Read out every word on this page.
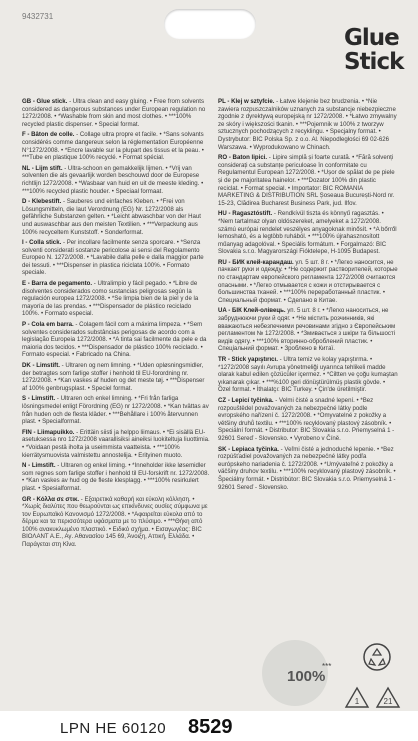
9432731
Glue
Stick
GB - Glue stick. - Ultra clean and easy gluing. • Free from solvents considered as dangerous substances under European regulation no 1272/2008. • *Washable from skin and most clothes. • ***100% recycled plastic dispenser. • Special format.
F - Bâton de colle. - Collage ultra propre et facile. • *Sans solvants considérés comme dangereux selon la réglementation Européenne N°1272/2008. • *Encre lavable sur la plupart des tissus et la peau. • ***Tube en plastique 100% recyclé. • Format spécial.
NL - Lijm stift. - Ultra-schoon en gemakkelijk lijmen. • *Vrij van solventen die als gevaarlijk worden beschouwd door de Europese richtlijn 1272/2008. • *Wasbaar van huid en uit de meeste kleding. • ***100% recycled plastic houder. • Speciaal formaat.
D - Klebestift. - Sauberes und einfaches Kleben. • *Frei von Lösungsmitteln, die laut Verordnung (EG) Nr. 1272/2008 als gefährliche Substanzen gelten. • *Leicht abwaschbar von der Haut und auswaschbar aus den meisten Textilien. • ***Verpackung aus 100% recyceltem Kunststoff. • Sonderformat.
I - Colla stick. - Per incollare facilmente senza sporcare. • *Senza solventi considerati sostanze pericolose ai sensi del Regolamento Europeo N. 1272/2008. • *Lavabile dalla pelle e dalla maggior parte dei tessuti. • ***Dispenser in plastica riciclata 100%. • Formato speciale.
E - Barra de pegamento. - Ultralimpio y fácil pegado. • *Libre de disolventes considerados como sustancias peligrosas según la regulación europea 1272/2008. • *Se limpia bien de la piel y de la mayoría de las prendas. • ***Dispensador de plástico reciclado 100%. • Formato especial.
P - Cola em barra. - Colagem fácil com a máxima limpeza. • *Sem solventes considerados substâncias perigosas de acordo com a legislação Europeia 1272/2008. • *A tinta sai facilmente da pele e da maioria dos tecidos. • ***Dispensador de plástico 100% reciclado. • Formato especial. • Fabricado na China.
DK - Limstift. - Ultraren og nem limning. • *Uden opløsningsmidler, der betragtes som farlige stoffer i henhold til EU-forordning nr. 1272/2008. • *Kan vaskes af huden og det meste tøj. • ***Dispenser af 100% genbrugsplast. • Speciel format.
S - Limstift. - Ultraren och enkel limning. • *Fri från farliga lösningsmedel enligt Förordning (EG) nr 1272/2008. • *Kan tvättas av från huden och de flesta kläder. • ***Behållare i 100% återvunnen plast. • Specialformat.
FIN - Liimapuikko. - Erittäin siisti ja helppo liimaus. • *Ei sisällä EU-asetuksessa nro 1272/2008 vaarallisiksi aineiksi luokiteltuja liuottimia. • *Voidaan pestä iholta ja useimmista vaatteista. • ***100% kierrätysmuovista valmistettu annostelija. • Erityinen muoto.
N - Limstift. - Ultraren og enkel liming. • *Inneholder ikke løsemidler som regnes som farlige stoffer i henhold til EU-forskrift nr. 1272/2008. • *Kan vaskes av hud og de fleste klesplagg. • ***100% resirkulert plast. • Spesialformat.
GR - Κόλλα σε στικ. - Εξαιρετικά καθαρή και εύκολη κόλληση. • *Χωρίς διαλύτες που θεωρούνται ως επικίνδυνες ουσίες σύμφωνα με τον Ευρωπαϊκό Κανονισμό 1272/2008. • *Αφαιρείται εύκολα από το δέρμα και τα περισσότερα υφάσματα με το πλύσιμο. • ***Θήκη από 100% ανακυκλωμένο πλαστικό. • Ειδικό σχήμα. • Εισαγωγέας: ΒΙC ΒΙΟΛΑΝΤ Α.Ε., Αγ. Αθανασίου 145 69, Άνοιξη, Αττική, Ελλάδα. • Παράγεται στη Κίνα.
PL - Klej w sztyfcie. - Łatwe klejenie bez brudzenia. • *Nie zawiera rozpuszczalników uznanych za substancje niebezpieczne zgodnie z dyrektywą europejską nr 1272/2008. • *Łatwo zmywalny ze skóry i większości tkanin. • ***Pojemnik w 100% z tworzyw sztucznych pochodzących z recyklingu. • Specjalny format. • Dystrybutor: BIC Polska Sp. z o.o. Al. Niepodległości 69 02-626 Warszawa. • Wyprodukowano w Chinach.
RO - Baton lipici. - Lipire simplă și foarte curată. • *Fără solvenți considerați ca substanțe periculoase în conformitate cu Regulamentul European 1272/2008. • *Ușor de spălat de pe piele și de pe majoritatea hainelor. • ***Dozator 100% din plastic reciclat. • Format special. • Importator: BIC ROMANIA MARKETING & DISTRIBUTION SRL Șoseaua București-Nord nr. 15-23, Clădirea Bucharest Business Park, jud. Ilfov.
HU - Ragasztóstift. - Rendkívül tiszta és könnyű ragasztás. • *Nem tartalmaz olyan oldószereket, amelyeket a 1272/2008. számú európai rendelet veszélyes anyagoknak minősít. • *A bőrről lemosható, és a legtöbb ruhából. • ***100% újrahasznosított műanyag adagolóval. • Speciális formátum. • Forgalmazó: BIC Slovakia s.r.o. Magyarországi Fióktelepe, H-1095 Budapest.
RU - БИК клей-карандаш. ул. 5 шт. 8 г. • *Легко наносится, не пачкает руки и одежду. • *Не содержит растворителей, которые по стандартам европейского регламента 1272/2008 считаются опасными. • *Легко отмывается с кожи и отстирывается с большинства тканей. • ***100% переработанный пластик. • Специальный формат. • Сделано в Китае.
UA - БІК Клей-олівець. уп. 5 шт. 8 г. • *Легко наноситься, не забруднюючи руки й одяг. • *Не містить розчинників, які вважаються небезпечними речовинами згідно з Європейським регламентом № 1272/2008. • *Змивається з шкіри та більшості видів одягу. • ***100% вторинно-оброблений пластик. • Спеціальний формат. • Зроблено в Китаї.
TR - Stick yapıştırıcı. - Ultra temiz ve kolay yapıştırma. • *1272/2008 sayılı Avrupa yönetmeliği uyarınca tehlikeli madde olarak kabul edilen çözücüler içermez. • *Ciltten ve çoğu kumaştan yıkanarak çıkar. • ***%100 geri dönüştürülmüş plastik gövde. • Özel format. • İthalatçı: BIC Turkey. • Çin'de üretilmiştir.
CZ - Lepicí tyčinka. - Velmi čisté a snadné lepení. • *Bez rozpouštědel považovaných za nebezpečné látky podle evropského nařízení č. 1272/2008. • *Omyvatelné z pokožky a většiny druhů textilu. • ***100% recyklovaný plastový zásobník. • Speciální formát. • Distributor: BIC Slovakia s.r.o. Priemyselná 1 - 92601 Sereď - Slovensko. • Vyrobeno v Číně.
SK - Lepiaca tyčinka. - Veľmi čisté a jednoduché lepenie. • *Bez rozpúšťadiel považovaných za nebezpečné látky podľa európskeho nariadenia č. 1272/2008. • *Umývateľné z pokožky a väčšiny druhov textilu. • ***100% recyklovaný plastový zásobník. • Špeciálny formát. • Distribútor: BIC Slovakia s.r.o. Priemyselná 1 - 92601 Sereď - Slovensko.
100%
***
1	21
LPN HE 60120 8529
